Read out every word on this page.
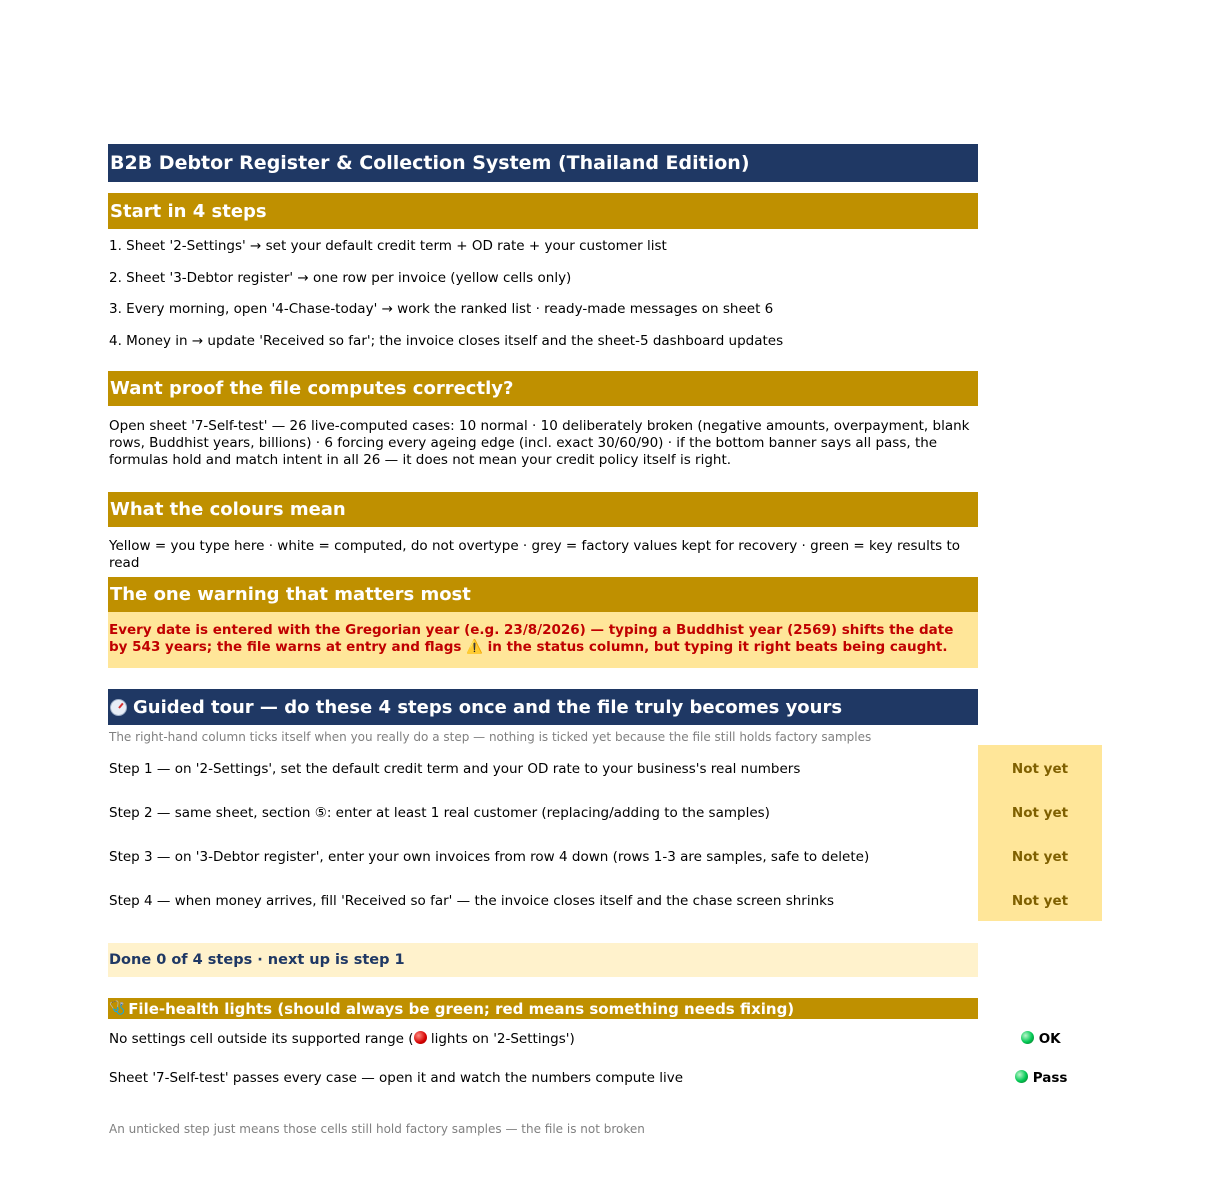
B2B Debtor Register & Collection System (Thailand Edition)
Start in 4 steps
1. Sheet '2-Settings' → set your default credit term + OD rate + your customer list
2. Sheet '3-Debtor register' → one row per invoice (yellow cells only)
3. Every morning, open '4-Chase-today' → work the ranked list · ready-made messages on sheet 6
4. Money in → update 'Received so far'; the invoice closes itself and the sheet-5 dashboard updates
Want proof the file computes correctly?
Open sheet '7-Self-test' — 26 live-computed cases: 10 normal · 10 deliberately broken (negative amounts, overpayment, blank rows, Buddhist years, billions) · 6 forcing every ageing edge (incl. exact 30/60/90) · if the bottom banner says all pass, the formulas hold and match intent in all 26 — it does not mean your credit policy itself is right.
What the colours mean
Yellow = you type here · white = computed, do not overtype · grey = factory values kept for recovery · green = key results to read
The one warning that matters most
Every date is entered with the Gregorian year (e.g. 23/8/2026) — typing a Buddhist year (2569) shifts the date by 543 years; the file warns at entry and flags ⚠️ in the status column, but typing it right beats being caught.
Guided tour — do these 4 steps once and the file truly becomes yours
The right-hand column ticks itself when you really do a step — nothing is ticked yet because the file still holds factory samples
Step 1 — on '2-Settings', set the default credit term and your OD rate to your business's real numbers	Not yet
Step 2 — same sheet, section ⑤: enter at least 1 real customer (replacing/adding to the samples)	Not yet
Step 3 — on '3-Debtor register', enter your own invoices from row 4 down (rows 1-3 are samples, safe to delete)	Not yet
Step 4 — when money arrives, fill 'Received so far' — the invoice closes itself and the chase screen shrinks	Not yet
Done 0 of 4 steps · next up is step 1
🩺 File-health lights (should always be green; red means something needs fixing)
No settings cell outside its supported range ( lights on '2-Settings')	OK
Sheet '7-Self-test' passes every case — open it and watch the numbers compute live	Pass
An unticked step just means those cells still hold factory samples — the file is not broken
